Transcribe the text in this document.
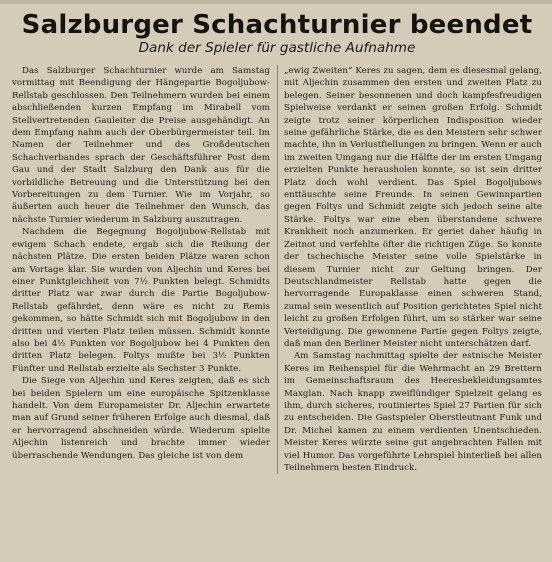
Salzburger Schachturnier beendet
Dank der Spieler für gastliche Aufnahme

Das Salzburger Schachturnier wurde am Samstag vormittag mit Beendigung der Hängepartie Bogoljubow-Rellstab geschlossen. Den Teilnehmern wurden bei einem abschließenden kurzen Empfang im Mirabell vom Stellvertretenden Gauleiter die Preise ausgehändigt. An dem Empfang nahm auch der Oberbürgermeister teil. Im Namen der Teilnehmer und des Großdeutschen Schachverbandes sprach der Geschäftsführer Post dem Gau und der Stadt Salzburg den Dank aus für die vorbildliche Betreuung und die Unterstützung bei den Vorbereitungen zu dem Turnier. Wie im Vorjahr, so äußerten auch heuer die Teilnehmer den Wunsch, das nächste Turnier wiederum in Salzburg auszutragen.

Nachdem die Begegnung Bogoljubow-Rellstab mit ewigem Schach endete, ergab sich die Reihung der nächsten Plätze. Die ersten beiden Plätze waren schon am Vortage klar. Sie wurden von Aljechin und Keres bei einer Punktgleichheit von 7½ Punkten belegt. Schmidts dritter Platz war zwar durch die Partie Bogoljubow-Rellstab gefährdet, denn wäre es nicht zu Remis gekommen, so hätte Schmidt sich mit Bogoljubow in den dritten und vierten Platz teilen müssen. Schmidt konnte also bei 4½ Punkten vor Bogoljubow bei 4 Punkten den dritten Platz belegen. Foltys mußte bei 3½ Punkten Fünfter und Rellstab erzielte als Sechster 3 Punkte.

Die Siege von Aljechin und Keres zeigten, daß es sich bei beiden Spielern um eine europäische Spitzenklasse handelt. Von dem Europameister Dr. Aljechin erwartete man auf Grund seiner früheren Erfolge auch diesmal, daß er hervorragend abschneiden würde. Wiederum spielte Aljechin listenreich und brachte immer wieder überraschende Wendungen. Das gleiche ist von dem

„ewig Zweiten“ Keres zu sagen, dem es diesesmal gelang, mit Aljechin zusammen den ersten und zweiten Platz zu belegen. Seiner besonnenen und doch kampfesfreudigen Spielweise verdankt er seinen großen Erfolg. Schmidt zeigte trotz seiner körperlichen Indisposition wieder seine gefährliche Stärke, die es den Meistern sehr schwer machte, ihn in Verlustfiellungen zu bringen. Wenn er auch im zweiten Umgang nur die Hälfte der im ersten Umgang erzielten Punkte herausholen konnte, so ist sein dritter Platz doch wohl verdient. Das Spiel Bogoljubows enttäuschte seine Freunde. In seinen Gewinnpartien gegen Foltys und Schmidt zeigte sich jedoch seine alte Stärke. Foltys war eine eben überstandene schwere Krankheit noch anzumerken. Er geriet daher häufig in Zeitnot und verfehlte öfter die richtigen Züge. So konnte der tschechische Meister seine volle Spielstärke in diesem Turnier nicht zur Geltung bringen. Der Deutschlandmeister Rellstab hatte gegen die hervorragende Europaklasse einen schweren Stand, zumal sein wesentlich auf Position gerichtetes Spiel nicht leicht zu großen Erfolgen führt, um so stärker war seine Verteidigung. Die gewonnene Partie gegen Foltys zeigte, daß man den Berliner Meister nicht unterschätzen darf.

Am Samstag nachmittag spielte der estnische Meister Keres im Reihenspiel für die Wehrmacht an 29 Brettern im Gemeinschaftsraum des Heeresbekleidungsamtes Maxglan. Nach knapp zweiflündiger Spielzeit gelang es ihm, durch sicheres, routiniertes Spiel 27 Partien für sich zu entscheiden. Die Gastspieler Oberstleutnant Funk und Dr. Michel kamen zu einem verdienten Unentschieden. Meister Keres würzte seine gut angebrachten Fallen mit viel Humor. Das vorgeführte Lehrspiel hinterließ bei allen Teilnehmern besten Eindruck.
